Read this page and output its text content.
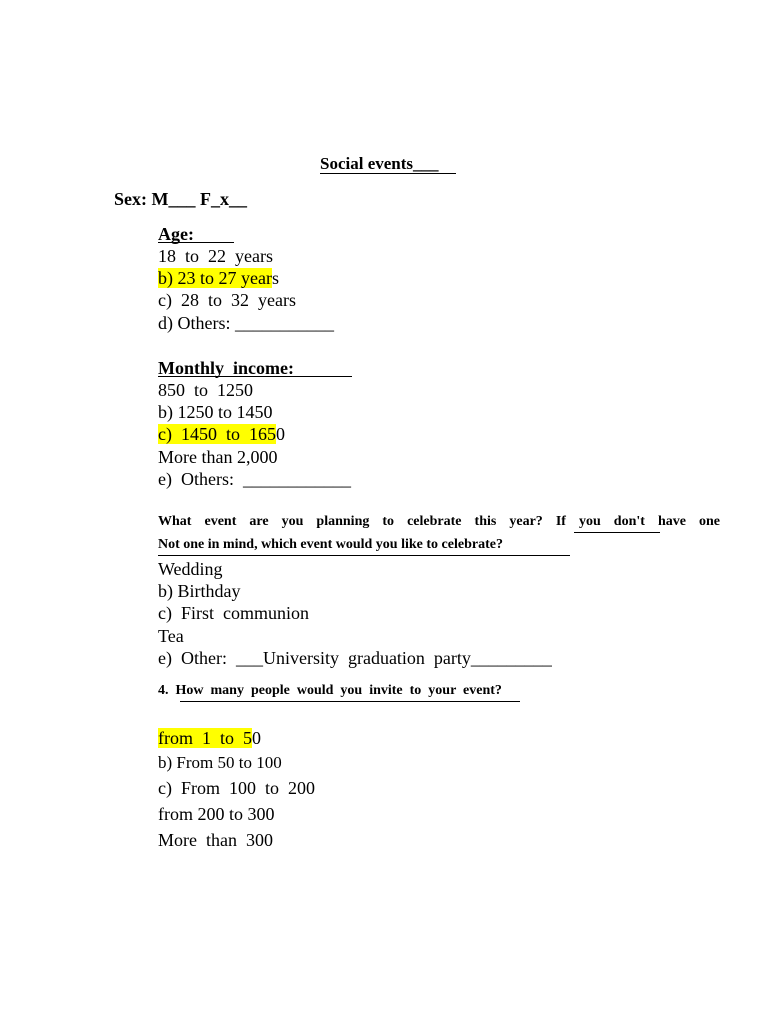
Social events___
Sex: M___ F_x__
Age:
18  to  22  years
b) 23 to 27 years
c)  28  to  32  years
d) Others: ___________
Monthly  income:
850  to  1250
b) 1250 to 1450
c)  1450  to  1650
More than 2,000
e)  Others:  ____________
What event are you planning to celebrate this year? If you don't have one
Not one in mind, which event would you like to celebrate?
Wedding
b) Birthday
c)  First  communion
Tea
e)  Other:  ___University  graduation  party_________
4.  How  many  people  would  you  invite  to  your  event?
from  1  to  50
b) From 50 to 100
c)  From  100  to  200
from 200 to 300
More  than  300
